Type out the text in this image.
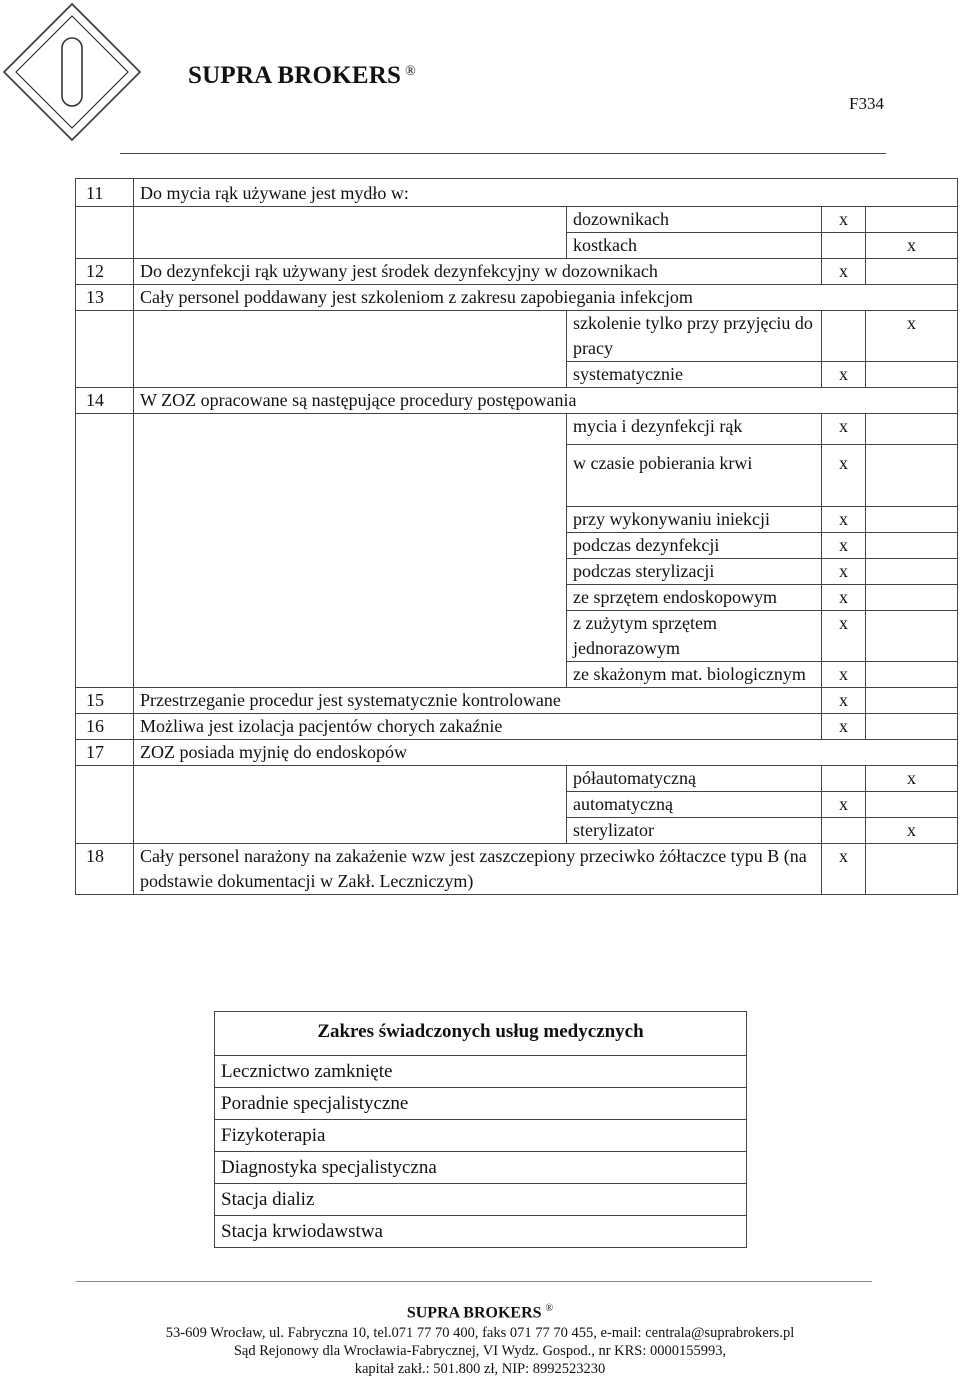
SUPRA BROKERS ®
F334
11	Do mycia rąk używane jest mydło w:			
		dozownikach	x	
		kostkach		x
12	Do dezynfekcji rąk używany jest środek dezynfekcyjny w dozownikach		x	
13	Cały personel poddawany jest szkoleniom z zakresu zapobiegania infekcjom			
		szkolenie tylko przy przyjęciu do pracy		x
		systematycznie	x	
14	W ZOZ opracowane są następujące procedury postępowania			
		mycia i dezynfekcji rąk	x	
		w czasie pobierania krwi	x	
		przy wykonywaniu iniekcji	x	
		podczas dezynfekcji	x	
		podczas sterylizacji	x	
		ze sprzętem endoskopowym	x	
		z zużytym sprzętem jednorazowym	x	
		ze skażonym mat. biologicznym	x	
15	Przestrzeganie procedur jest systematycznie kontrolowane		x	
16	Możliwa jest izolacja pacjentów chorych zakaźnie		x	
17	ZOZ posiada myjnię do endoskopów			
		półautomatyczną		x
		automatyczną	x	
		sterylizator		x
18	Cały personel narażony na zakażenie wzw jest zaszczepiony przeciwko żółtaczce typu B (na podstawie dokumentacji w Zakł. Leczniczym)		x	
Zakres świadczonych usług medycznych
Lecznictwo zamknięte
Poradnie specjalistyczne
Fizykoterapia
Diagnostyka specjalistyczna
Stacja dializ
Stacja krwiodawstwa
SUPRA BROKERS ®
53-609 Wrocław, ul. Fabryczna 10, tel.071 77 70 400, faks 071 77 70 455, e-mail: centrala@suprabrokers.pl
Sąd Rejonowy dla Wrocławia-Fabrycznej, VI Wydz. Gospod., nr KRS: 0000155993,
kapitał zakł.: 501.800 zł, NIP: 8992523230
